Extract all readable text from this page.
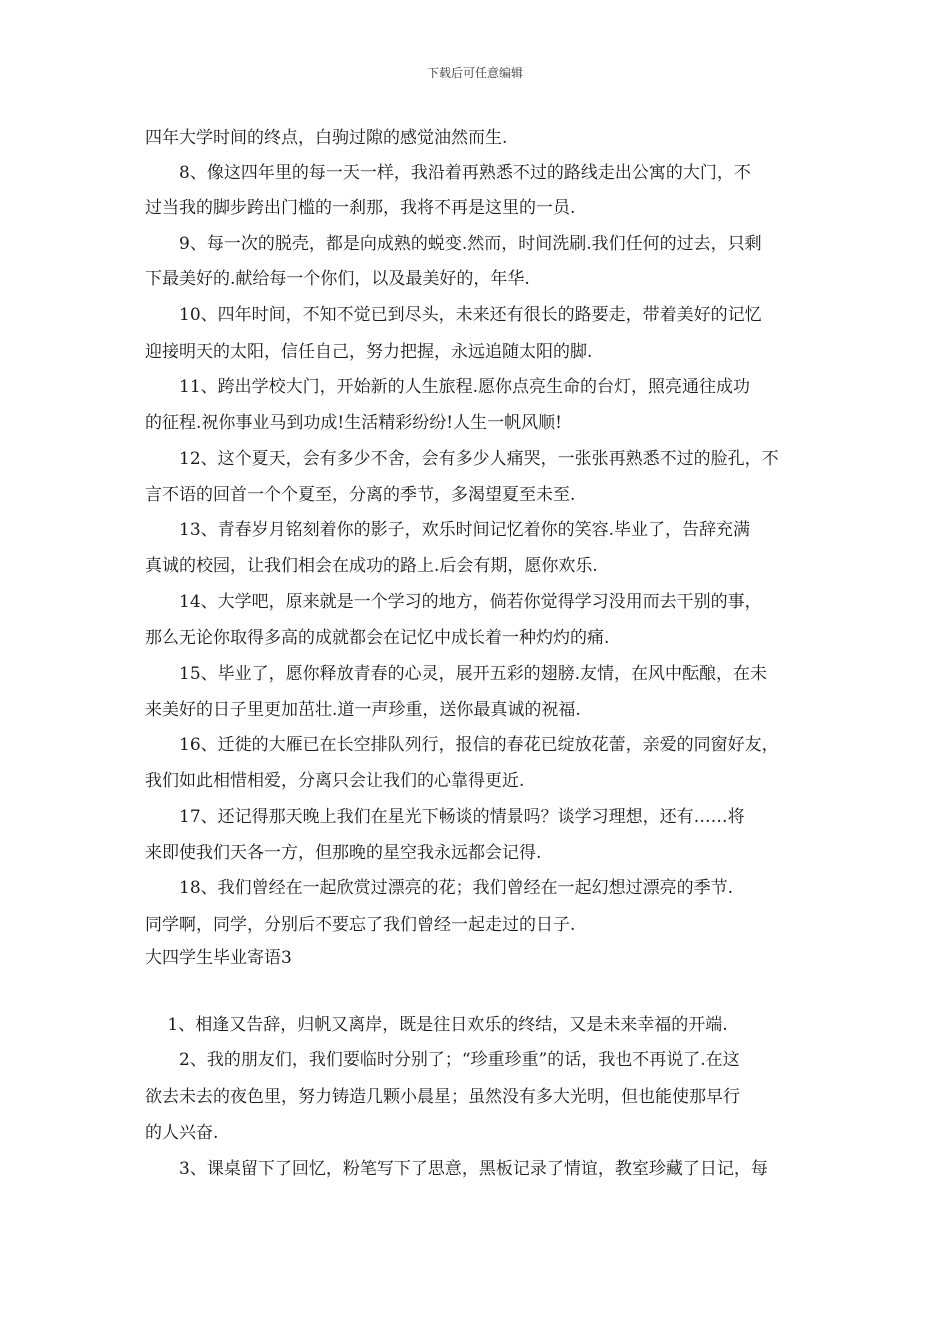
下载后可任意编辑
四年大学时间的终点，白驹过隙的感觉油然而生.
　　8、像这四年里的每一天一样，我沿着再熟悉不过的路线走出公寓的大门，不
过当我的脚步跨出门槛的一刹那，我将不再是这里的一员.
　　9、每一次的脱壳，都是向成熟的蜕变.然而，时间洗刷.我们任何的过去，只剩
下最美好的.献给每一个你们，以及最美好的，年华.
　　10、四年时间，不知不觉已到尽头，未来还有很长的路要走，带着美好的记忆
迎接明天的太阳，信任自己，努力把握，永远追随太阳的脚.
　　11、跨出学校大门，开始新的人生旅程.愿你点亮生命的台灯，照亮通往成功
的征程.祝你事业马到功成!生活精彩纷纷!人生一帆风顺!
　　12、这个夏天，会有多少不舍，会有多少人痛哭，一张张再熟悉不过的脸孔，不
言不语的回首一个个夏至，分离的季节，多渴望夏至未至.
　　13、青春岁月铭刻着你的影子，欢乐时间记忆着你的笑容.毕业了，告辞充满
真诚的校园，让我们相会在成功的路上.后会有期，愿你欢乐.
　　14、大学吧，原来就是一个学习的地方，倘若你觉得学习没用而去干别的事，
那么无论你取得多高的成就都会在记忆中成长着一种灼灼的痛.
　　15、毕业了，愿你释放青春的心灵，展开五彩的翅膀.友情，在风中酝酿，在未
来美好的日子里更加茁壮.道一声珍重，送你最真诚的祝福.
　　16、迁徙的大雁已在长空排队列行，报信的春花已绽放花蕾，亲爱的同窗好友，
我们如此相惜相爱，分离只会让我们的心靠得更近.
　　17、还记得那天晚上我们在星光下畅谈的情景吗？谈学习理想，还有……将
来即使我们天各一方，但那晚的星空我永远都会记得.
　　18、我们曾经在一起欣赏过漂亮的花；我们曾经在一起幻想过漂亮的季节.
同学啊，同学，分别后不要忘了我们曾经一起走过的日子.
大四学生毕业寄语3
　 1、相逢又告辞，归帆又离岸，既是往日欢乐的终结，又是未来幸福的开端.
　　2、我的朋友们，我们要临时分别了；“珍重珍重”的话，我也不再说了.在这
欲去未去的夜色里，努力铸造几颗小晨星；虽然没有多大光明，但也能使那早行
的人兴奋.
　　3、课桌留下了回忆，粉笔写下了思意，黑板记录了情谊，教室珍藏了日记，每
